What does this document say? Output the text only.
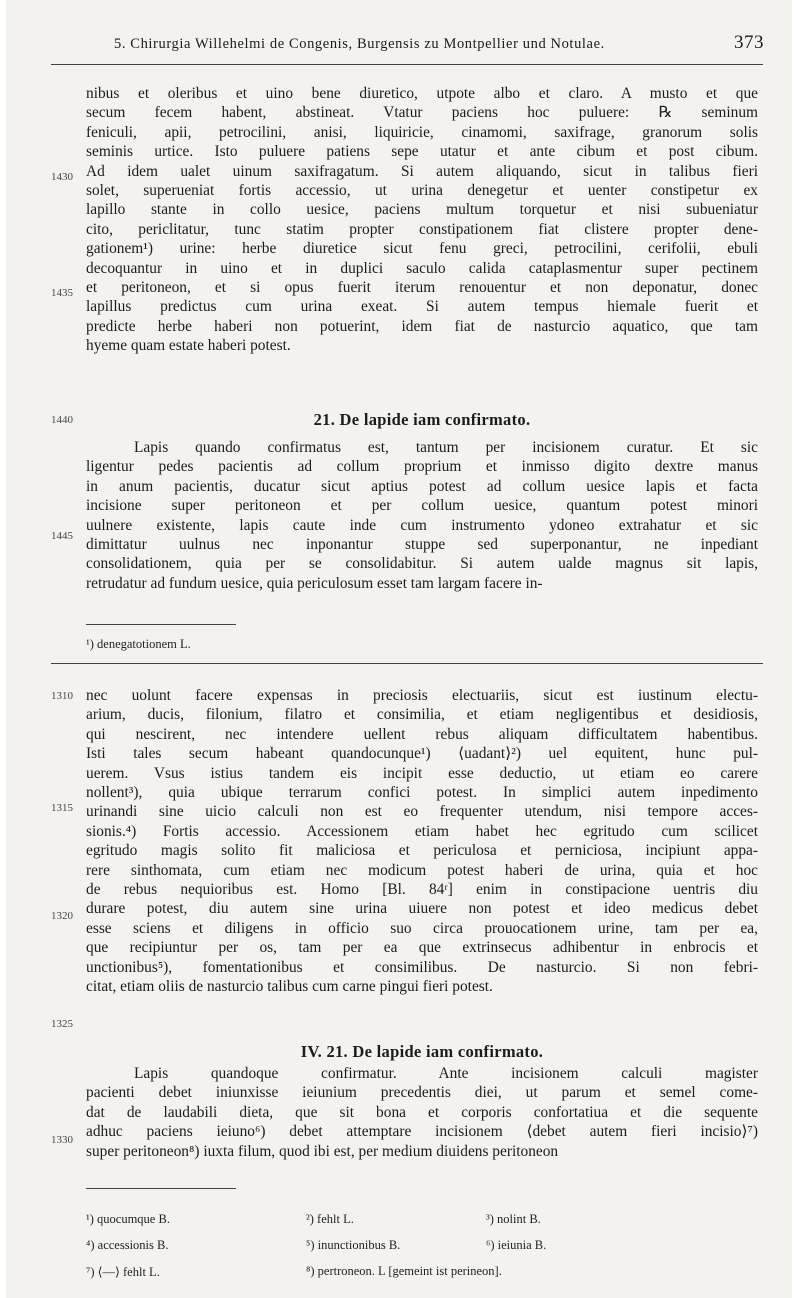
5. Chirurgia Willehelmi de Congenis, Burgensis zu Montpellier und Notulae.	373
nibus et oleribus et uino bene diuretico, utpote albo et claro. A musto et que
secum fecem habent, abstineat. Vtatur paciens hoc puluere: ℞ seminum
feniculi, apii, petrocilini, anisi, liquiricie, cinamomi, saxifrage, granorum solis
seminis urtice. Isto puluere patiens sepe utatur et ante cibum et post cibum.
Ad idem ualet uinum saxifragatum. Si autem aliquando, sicut in talibus fieri
solet, superueniat fortis accessio, ut urina denegetur et uenter constipetur ex
lapillo stante in collo uesice, paciens multum torquetur et nisi subueniatur
cito, periclitatur, tunc statim propter constipationem fiat clistere propter dene-
gationem¹) urine: herbe diuretice sicut fenu greci, petrocilini, cerifolii, ebuli
decoquantur in uino et in duplici saculo calida cataplasmentur super pectinem
et peritoneon, et si opus fuerit iterum renouentur et non deponatur, donec
lapillus predictus cum urina exeat. Si autem tempus hiemale fuerit et
predicte herbe haberi non potuerint, idem fiat de nasturcio aquatico, que tam
hyeme quam estate haberi potest.
1430
1435
21. De lapide iam confirmato.
1440
Lapis quando confirmatus est, tantum per incisionem curatur. Et sic
ligentur pedes pacientis ad collum proprium et inmisso digito dextre manus
in anum pacientis, ducatur sicut aptius potest ad collum uesice lapis et facta
incisione super peritoneon et per collum uesice, quantum potest minori
uulnere existente, lapis caute inde cum instrumento ydoneo extrahatur et sic
dimittatur uulnus nec inponantur stuppe sed superponantur, ne inpediant
consolidationem, quia per se consolidabitur. Si autem ualde magnus sit lapis,
retrudatur ad fundum uesice, quia periculosum esset tam largam facere in-
1445
¹) denegatotionem L.
nec uolunt facere expensas in preciosis electuariis, sicut est iustinum electu-
arium, ducis, filonium, filatro et consimilia, et etiam negligentibus et desidiosis,
qui nescirent, nec intendere uellent rebus aliquam difficultatem habentibus.
Isti tales secum habeant quandocunque¹) ⟨uadant⟩²) uel equitent, hunc pul-
uerem. Vsus istius tandem eis incipit esse deductio, ut etiam eo carere
nollent³), quia ubique terrarum confici potest. In simplici autem inpedimento
urinandi sine uicio calculi non est eo frequenter utendum, nisi tempore acces-
sionis.⁴) Fortis accessio. Accessionem etiam habet hec egritudo cum scilicet
egritudo magis solito fit maliciosa et periculosa et perniciosa, incipiunt appa-
rere sinthomata, cum etiam nec modicum potest haberi de urina, quia et hoc
de rebus nequioribus est. Homo [Bl. 84ʳ] enim in constipacione uentris diu
durare potest, diu autem sine urina uiuere non potest et ideo medicus debet
esse sciens et diligens in officio suo circa prouocationem urine, tam per ea,
que recipiuntur per os, tam per ea que extrinsecus adhibentur in enbrocis et
unctionibus⁵), fomentationibus et consimilibus. De nasturcio. Si non febri-
citat, etiam oliis de nasturcio talibus cum carne pingui fieri potest.
1310
1315
1320
1325
IV. 21. De lapide iam confirmato.
Lapis quandoque confirmatur. Ante incisionem calculi magister
pacienti debet iniunxisse ieiunium precedentis diei, ut parum et semel come-
dat de laudabili dieta, que sit bona et corporis confortatiua et die sequente
adhuc paciens ieiuno⁶) debet attemptare incisionem ⟨debet autem fieri incisio⟩⁷)
super peritoneon⁸) iuxta filum, quod ibi est, per medium diuidens peritoneon
1330
¹) quocumque B.	²) fehlt L.	³) nolint B.
⁴) accessionis B.	⁵) inunctionibus B.	⁶) ieiunia B.
⁷) ⟨—⟩ fehlt L.	⁸) pertroneon. L [gemeint ist perineon].
